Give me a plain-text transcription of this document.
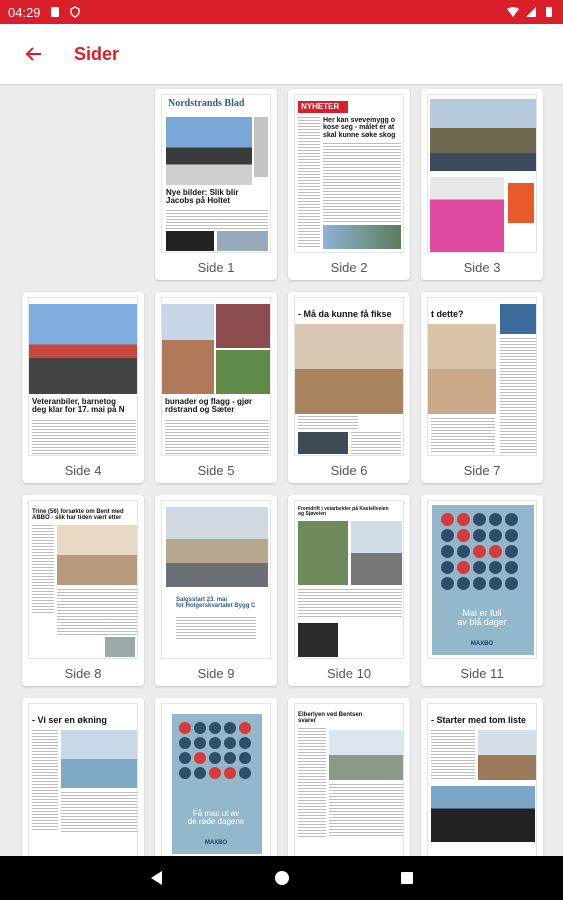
04:29
Sider
Nordstrands Blad
Nye bilder: Slik blir
Jacobs på Holtet
Side 1
NYHETER
Her kan svevemygg o
kose seg - målet er at
skal kunne søke skog
Side 2	Side 3
Veteranbiler, barnetog
deg klar for 17. mai på N
Side 4
bunader og flagg - gjør
rdstrand og Sæter
Side 5
- Må da kunne få fikse
Side 6
t dette?
Side 7
Trine (56) forsøkte om Bent med
ABBO - slik har tiden vært etter
Side 8
Salgsstart 23. mai
for Holgerskvartalet Bygg C
Side 9
Fremdrift i veiarbeider på Kastellveien
og Sjøveien
Side 10
Mai er full
av blå dager
MAXBO
Side 11
- Vi ser en økning
Få max ut av
de røde dagene
MAXBO
Elberlyen ved Bentsen
svarer	- Starter med tom liste
